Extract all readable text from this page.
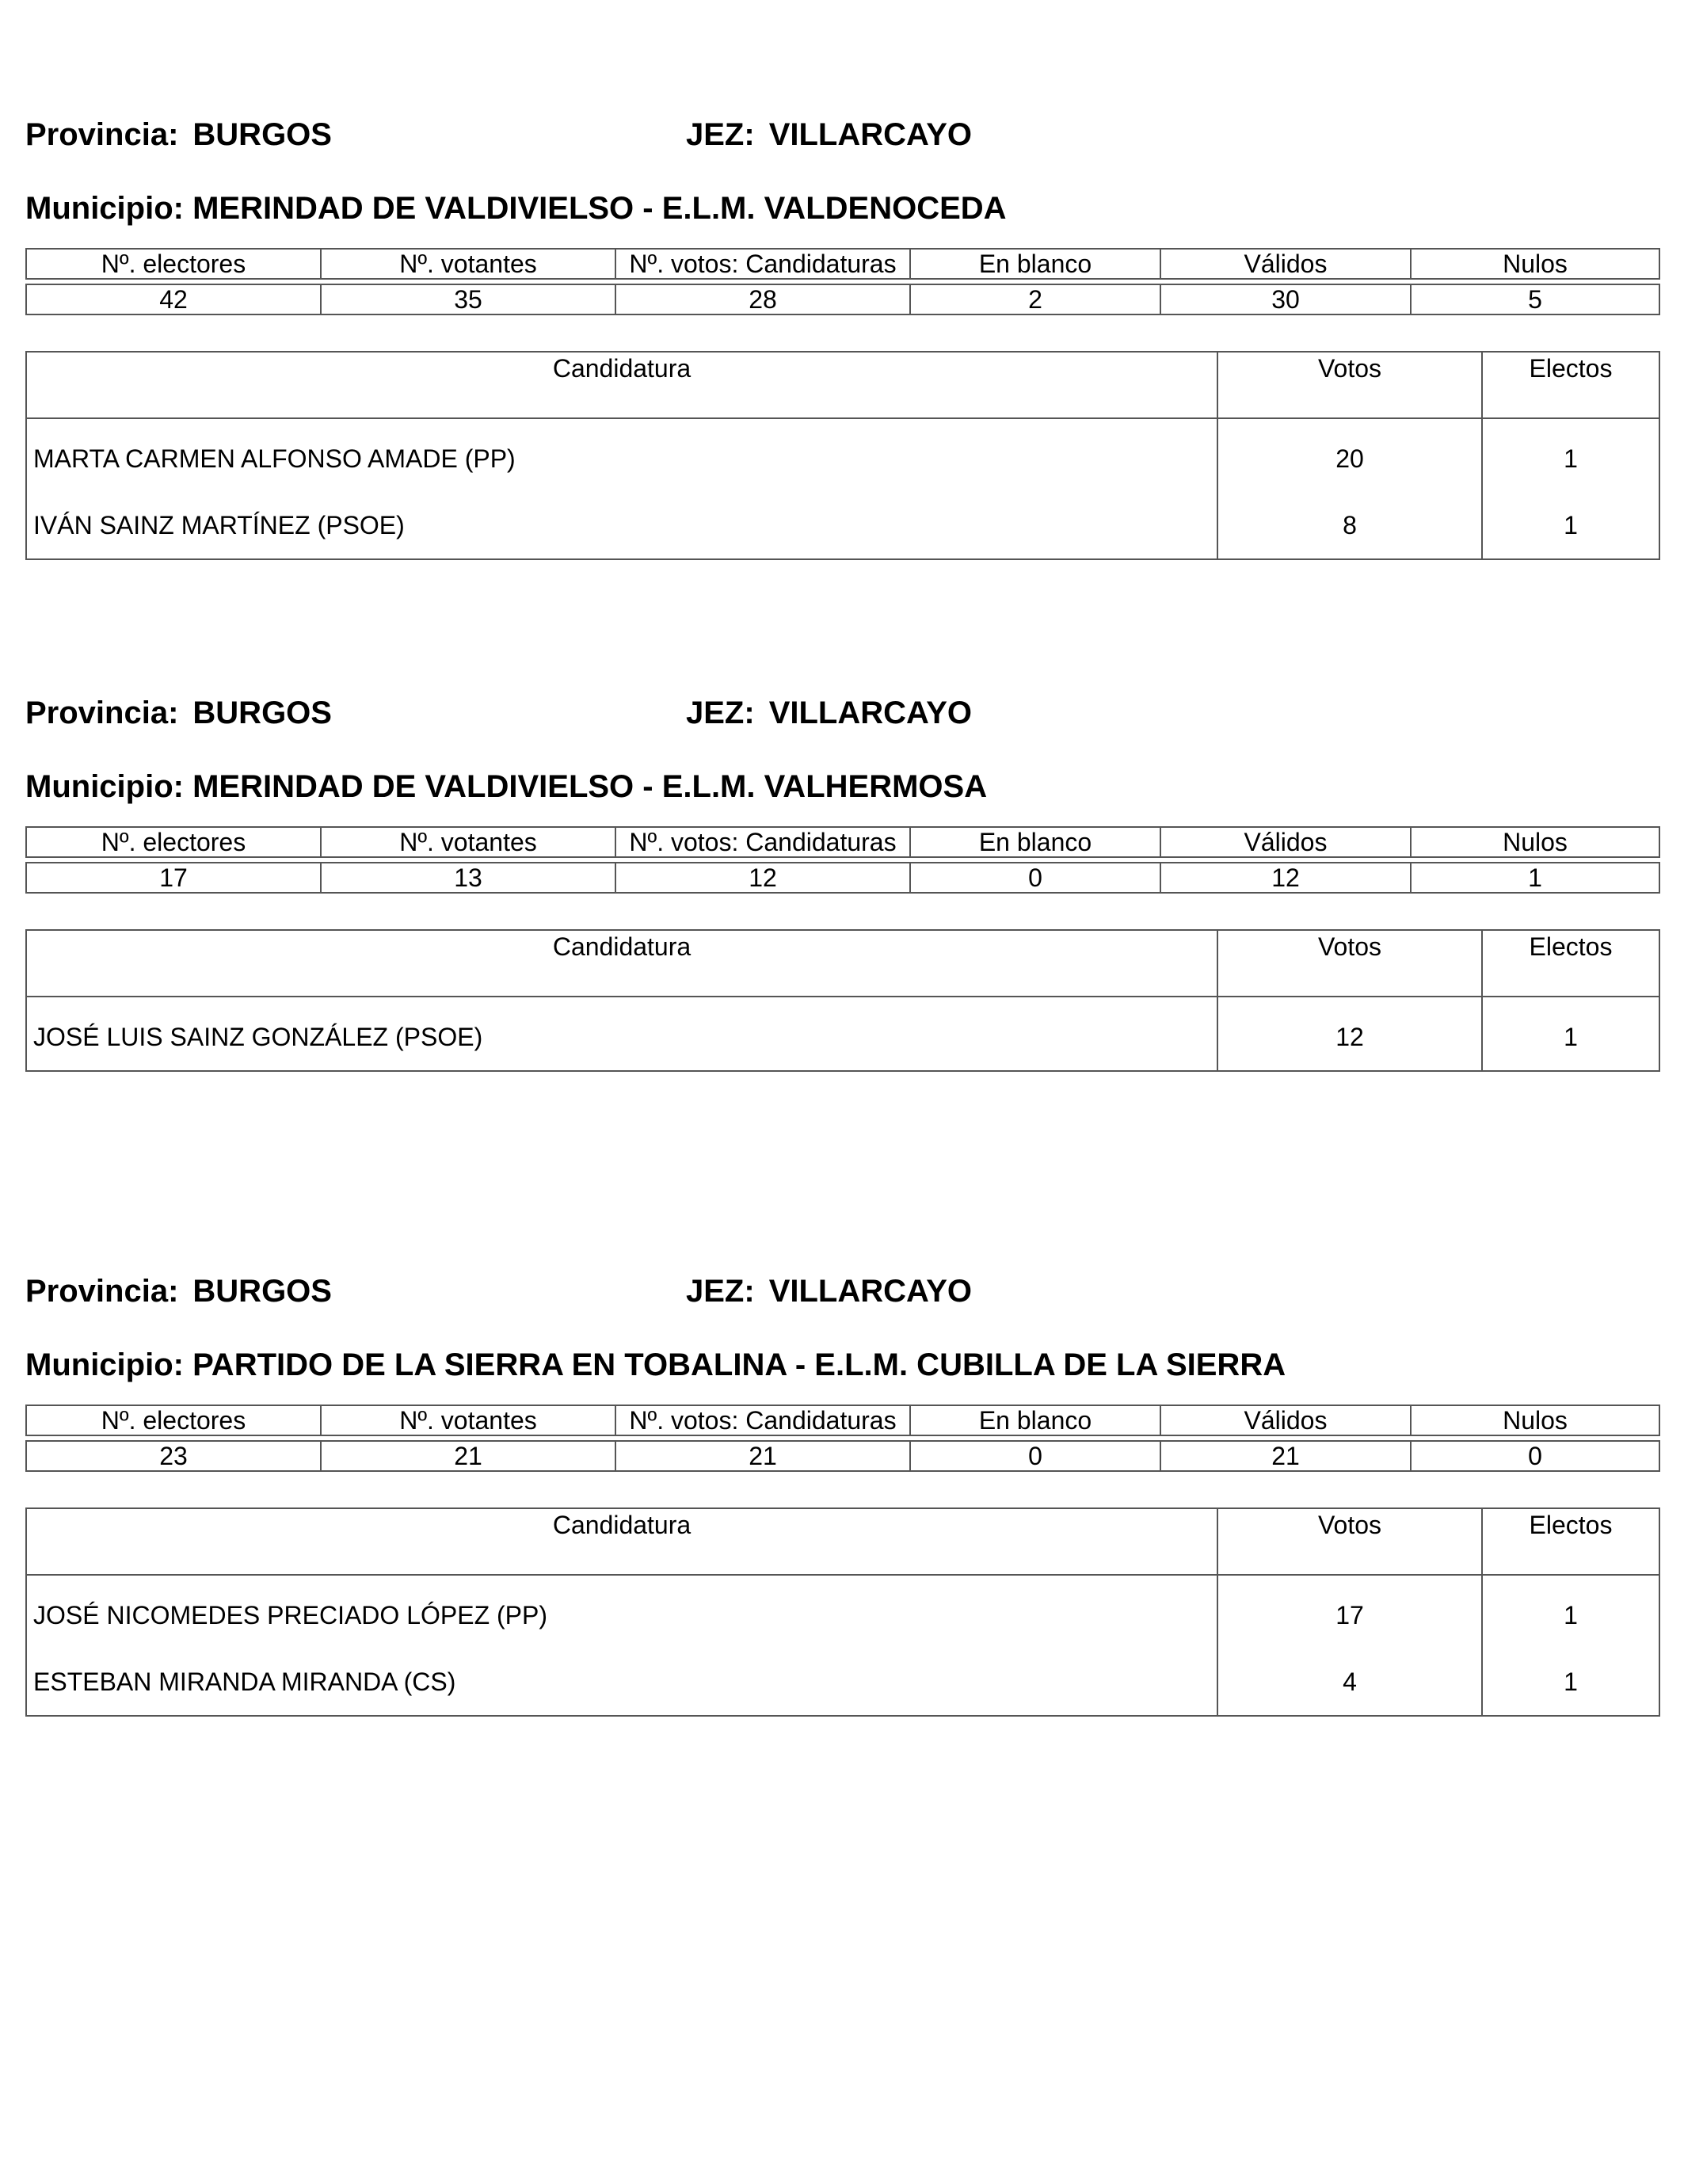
Provincia: BURGOS	JEZ: VILLARCAYO
Municipio: MERINDAD DE VALDIVIELSO - E.L.M. VALDENOCEDA
Nº. electores	Nº. votantes	Nº. votos: Candidaturas	En blanco	Válidos	Nulos

42	35	28	2	30	5
Candidatura	Votos	Electos
MARTA CARMEN ALFONSO AMADE (PP)	20	1
IVÁN SAINZ MARTÍNEZ (PSOE)	8	1
Provincia: BURGOS	JEZ: VILLARCAYO
Municipio: MERINDAD DE VALDIVIELSO - E.L.M. VALHERMOSA
Nº. electores	Nº. votantes	Nº. votos: Candidaturas	En blanco	Válidos	Nulos

17	13	12	0	12	1
Candidatura	Votos	Electos
JOSÉ LUIS SAINZ GONZÁLEZ (PSOE)	12	1
Provincia: BURGOS	JEZ: VILLARCAYO
Municipio: PARTIDO DE LA SIERRA EN TOBALINA - E.L.M. CUBILLA DE LA SIERRA
Nº. electores	Nº. votantes	Nº. votos: Candidaturas	En blanco	Válidos	Nulos

23	21	21	0	21	0
Candidatura	Votos	Electos
JOSÉ NICOMEDES PRECIADO LÓPEZ (PP)	17	1
ESTEBAN MIRANDA MIRANDA (CS)	4	1
